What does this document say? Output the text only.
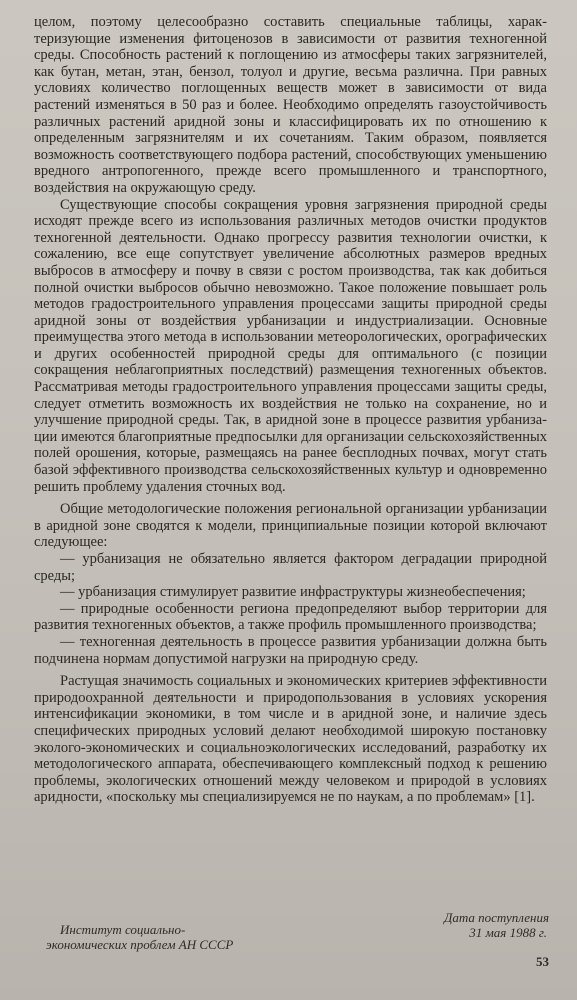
целом, поэтому целесообразно составить специальные таблицы, характеризующие изменения фитоценозов в зависимости от развития техногенной среды. Способность растений к поглощению из атмосферы таких загрязнителей, как бутан, метан, этан, бензол, толуол и другие, весьма различна. При равных условиях количество поглощенных веществ может в зависимости от вида растений изменяться в 50 раз и более. Необходимо определять газоустойчивость различных растений аридной зоны и классифицировать их по отношению к определенным загрязнителям и их сочетаниям. Таким образом, появляется возможность соответствующего подбора растений, способствующих уменьшению вредного антропогенного, прежде всего промышленного и транспортного, воздействия на окружающую среду.

Существующие способы сокращения уровня загрязнения природной среды исходят прежде всего из использования различных методов очистки продуктов техногенной деятельности. Однако прогрессу развития технологии очистки, к сожалению, все еще сопутствует увеличение абсолютных размеров вредных выбросов в атмосферу и почву в связи с ростом производства, так как добиться полной очистки выбросов обычно невозможно. Такое положение повышает роль методов градостроительного управления процессами защиты природной среды аридной зоны от воздействия урбанизации и индустриализации. Основные преимущества этого метода в использовании метеорологических, орографических и других особенностей природной среды для оптимального (с позиции сокращения неблагоприятных последствий) размещения техногенных объектов. Рассматривая методы градостроительного управления процессами защиты среды, следует отметить возможность их воздействия не только на сохранение, но и улучшение природной среды. Так, в аридной зоне в процессе развития урбанизации имеются благоприятные предпосылки для организации сельскохозяйственных полей орошения, которые, размещаясь на ранее бесплодных почвах, могут стать базой эффективного производства сельскохозяйственных культур и одновременно решить проблему удаления сточных вод.

Общие методологические положения региональной организации урбанизации в аридной зоне сводятся к модели, принципиальные позиции которой включают следующее:

— урбанизация не обязательно является фактором деградации природной среды;

— урбанизация стимулирует развитие инфраструктуры жизнеобеспечения;

— природные особенности региона предопределяют выбор территории для развития техногенных объектов, а также профиль промышленного производства;

— техногенная деятельность в процессе развития урбанизации должна быть подчинена нормам допустимой нагрузки на природную среду.

Растущая значимость социальных и экономических критериев эффективности природоохранной деятельности и природопользования в условиях ускорения интенсификации экономики, в том числе и в аридной зоне, и наличие здесь специфических природных условий делают необходимой широкую постановку эколого-экономических и социальноэкологических исследований, разработку их методологического аппарата, обеспечивающего комплексный подход к решению проблемы, экологических отношений между человеком и природой в условиях аридности, «поскольку мы специализируемся не по наукам, а по проблемам» [1].

Институт социально-
экономических проблем АН СССР
Дата поступления
31 мая 1988 г.
53
